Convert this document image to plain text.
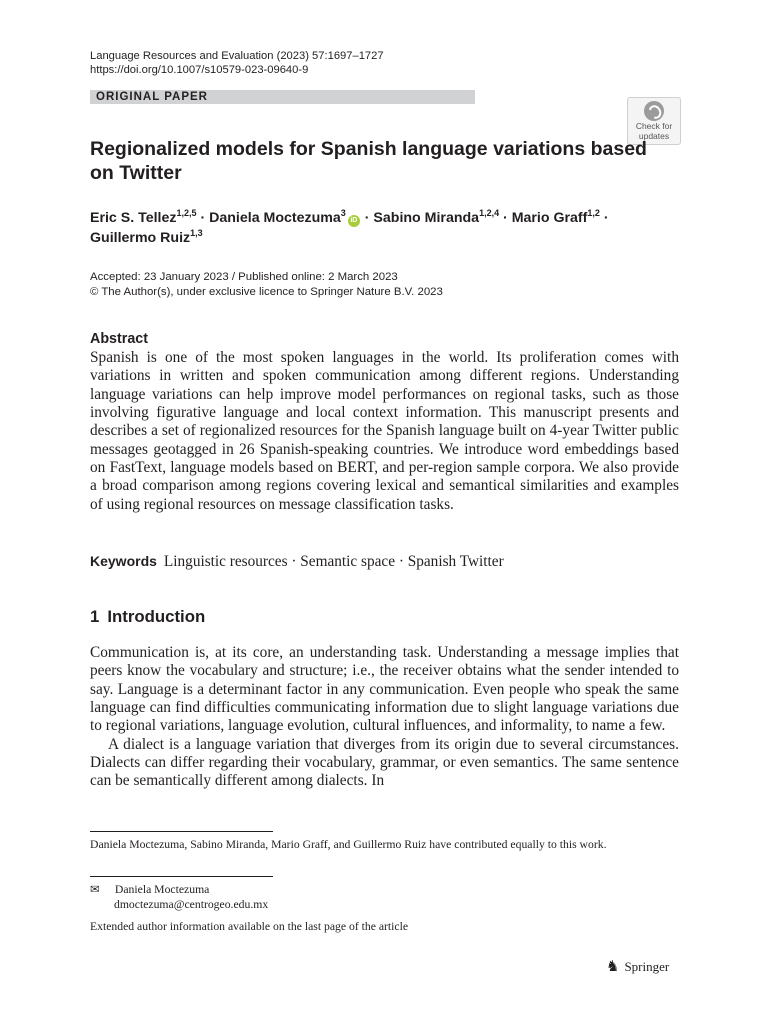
Language Resources and Evaluation (2023) 57:1697–1727
https://doi.org/10.1007/s10579-023-09640-9
ORIGINAL PAPER
Check for updates
Regionalized models for Spanish language variations based on Twitter
Eric S. Tellez$^{1,2,5}$ · Daniela Moctezuma$^3$iD · Sabino Miranda$^{1,2,4}$ · Mario Graff$^{1,2}$ ·
Guillermo Ruiz$^{1,3}$
Accepted: 23 January 2023 / Published online: 2 March 2023
© The Author(s), under exclusive licence to Springer Nature B.V. 2023
Abstract
Spanish is one of the most spoken languages in the world. Its proliferation comes with variations in written and spoken communication among different regions. Understanding language variations can help improve model performances on regional tasks, such as those involving figurative language and local context information. This manuscript presents and describes a set of regionalized resources for the Spanish language built on 4-year Twitter public messages geotagged in 26 Spanish-speaking countries. We introduce word embeddings based on FastText, language models based on BERT, and per-region sample corpora. We also provide a broad comparison among regions covering lexical and semantical similarities and examples of using regional resources on message classification tasks.
Keywords Linguistic resources · Semantic space · Spanish Twitter
1 Introduction

Communication is, at its core, an understanding task. Understanding a message implies that peers know the vocabulary and structure; i.e., the receiver obtains what the sender intended to say. Language is a determinant factor in any communication. Even people who speak the same language can find difficulties communicating information due to slight language variations due to regional variations, language evolution, cultural influences, and informality, to name a few.

A dialect is a language variation that diverges from its origin due to several circumstances. Dialects can differ regarding their vocabulary, grammar, or even semantics. The same sentence can be semantically different among dialects. In

Daniela Moctezuma, Sabino Miranda, Mario Graff, and Guillermo Ruiz have contributed equally to this work.
✉ Daniela Moctezuma
dmoctezuma@centrogeo.edu.mx
Extended author information available on the last page of the article
♞ Springer
